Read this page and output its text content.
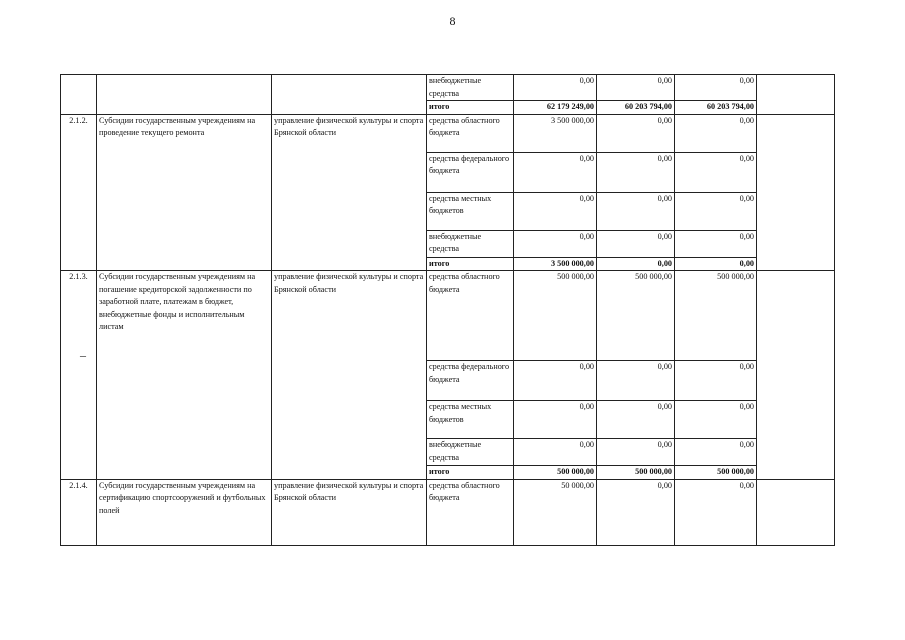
8
–
			внебюджетные средства	0,00	0,00	0,00	
			итого	62 179 249,00	60 203 794,00	60 203 794,00	
2.1.2.	Субсидии государственным учреждениям на проведение текущего ремонта	управление физической культуры и спорта Брянской области	средства областного бюджета	3 500 000,00	0,00	0,00	
			средства федерального бюджета	0,00	0,00	0,00	
			средства местных бюджетов	0,00	0,00	0,00	
			внебюджетные средства	0,00	0,00	0,00	
			итого	3 500 000,00	0,00	0,00	
2.1.3.	Субсидии государственным учреждениям на погашение кредиторской задолженности по заработной плате, платежам в бюджет, внебюджетные фонды и исполнительным листам	управление физической культуры и спорта Брянской области	средства областного бюджета	500 000,00	500 000,00	500 000,00	
			средства федерального бюджета	0,00	0,00	0,00	
			средства местных бюджетов	0,00	0,00	0,00	
			внебюджетные средства	0,00	0,00	0,00	
			итого	500 000,00	500 000,00	500 000,00	
2.1.4.	Субсидии государственным учреждениям на сертификацию спортсооружений и футбольных полей	управление физической культуры и спорта Брянской области	средства областного бюджета	50 000,00	0,00	0,00	
